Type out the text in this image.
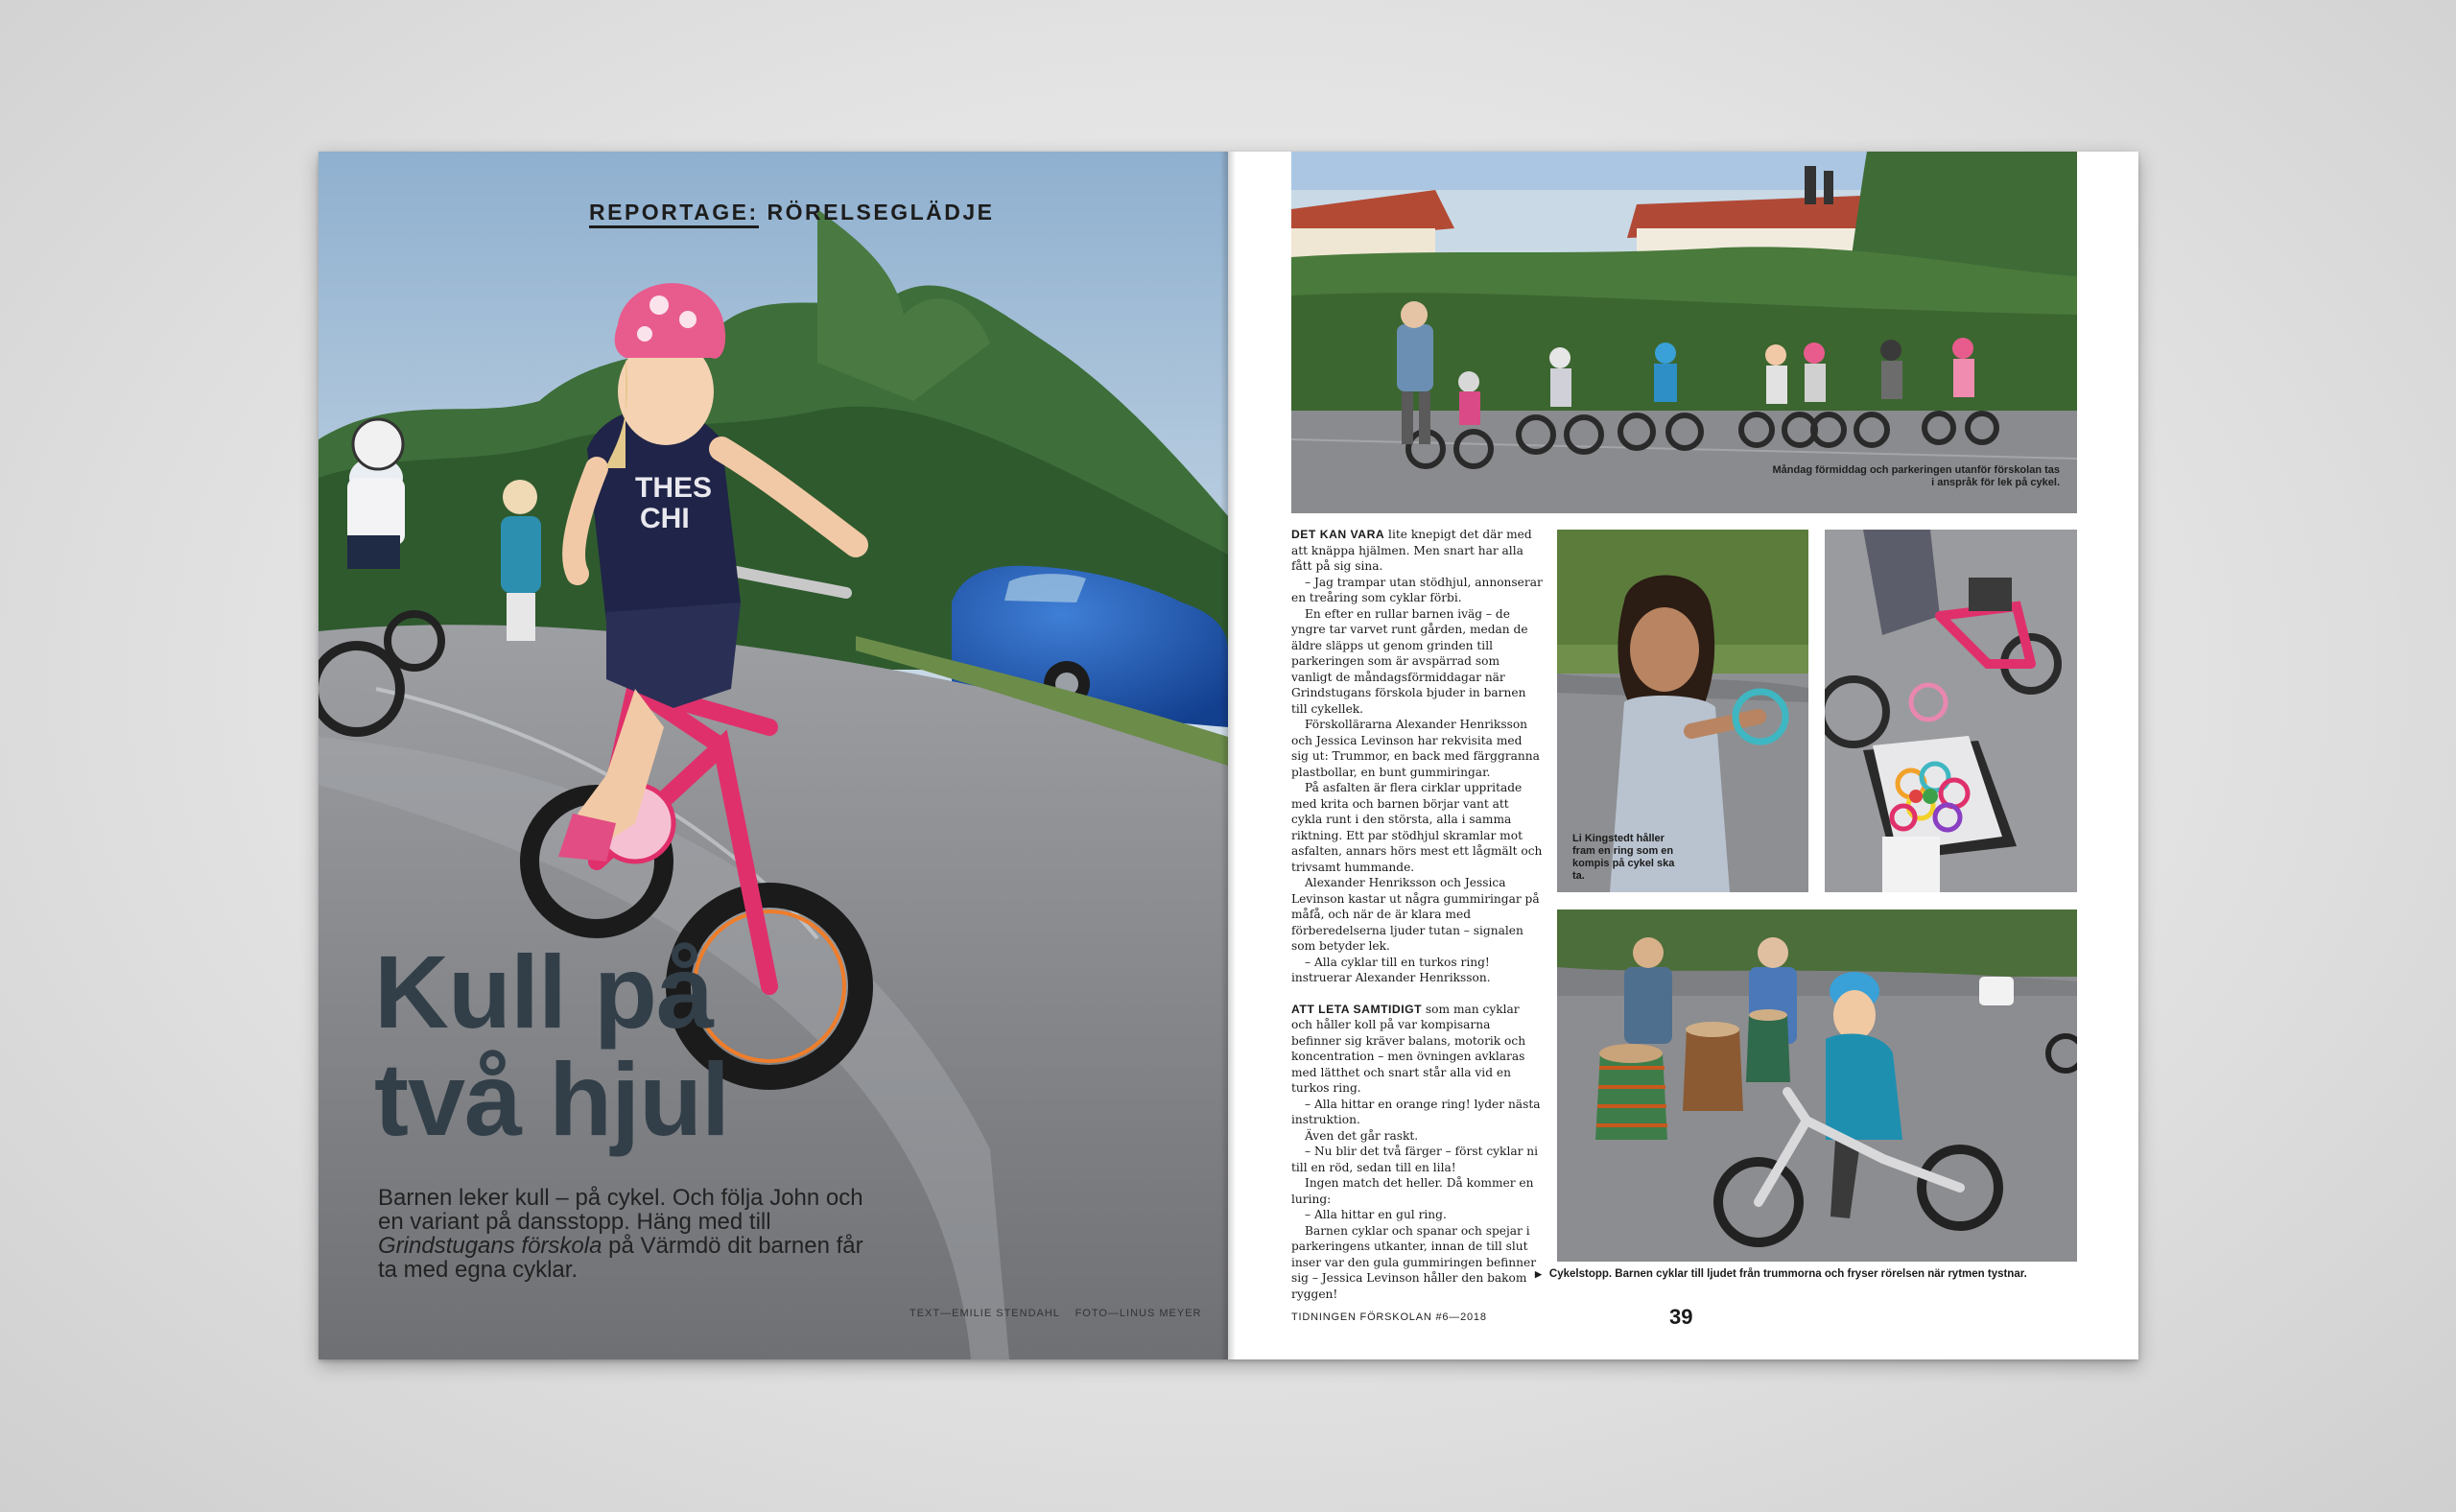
THES
CHI
REPORTAGE: RÖRELSEGLÄDJE
Kull på
två hjul
Barnen leker kull – på cykel. Och följa John och en variant på dansstopp. Häng med till Grindstugans förskola på Värmdö dit barnen får ta med egna cyklar.
TEXT—EMILIE STENDAHL FOTO—LINUS MEYER
Måndag förmiddag och parkeringen utanför förskolan tas i anspråk för lek på cykel.

DET KAN VARA lite knepigt det där med att knäppa hjälmen. Men snart har alla fått på sig sina.

– Jag trampar utan stödhjul, annonserar en treåring som cyklar förbi.

En efter en rullar barnen iväg – de yngre tar varvet runt gården, medan de äldre släpps ut genom grinden till parkeringen som är avspärrad som vanligt de måndagsförmiddagar när Grindstugans förskola bjuder in barnen till cykellek.

Förskollärarna Alexander Henriksson och Jessica Levinson har rekvisita med sig ut: Trummor, en back med färggranna plastbollar, en bunt gummiringar.

På asfalten är flera cirklar uppritade med krita och barnen börjar vant att cykla runt i den största, alla i samma riktning. Ett par stödhjul skramlar mot asfalten, annars hörs mest ett lågmält och trivsamt hummande.

Alexander Henriksson och Jessica Levinson kastar ut några gummiringar på måfå, och när de är klara med förberedelserna ljuder tutan – signalen som betyder lek.

– Alla cyklar till en turkos ring! instruerar Alexander Henriksson.

ATT LETA SAMTIDIGT som man cyklar och håller koll på var kompisarna befinner sig kräver balans, motorik och koncentration – men övningen avklaras med lätthet och snart står alla vid en turkos ring.

– Alla hittar en orange ring! lyder nästa instruktion.

Även det går raskt.

– Nu blir det två färger – först cyklar ni till en röd, sedan till en lila!

Ingen match det heller. Då kommer en luring:

– Alla hittar en gul ring.

Barnen cyklar och spanar och spejar i parkeringens utkanter, innan de till slut inser var den gula gummiringen befinner sig – Jessica Levinson håller den bakom ryggen!

Li Kingstedt håller fram en ring som en kompis på cykel ska ta.
▶ Cykelstopp. Barnen cyklar till ljudet från trummorna och fryser rörelsen när rytmen tystnar.
TIDNINGEN FÖRSKOLAN #6—2018	39
